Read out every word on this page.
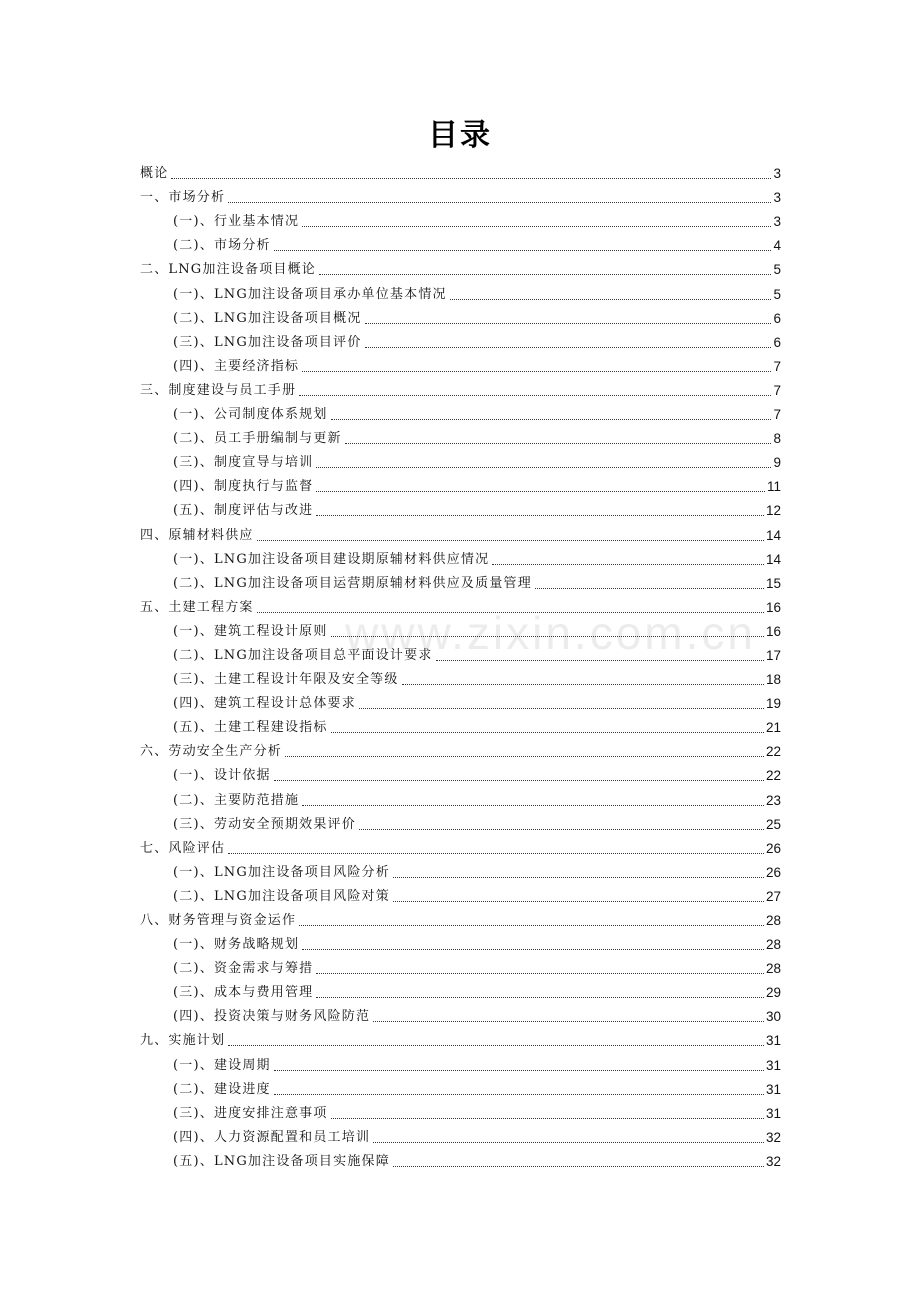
目录
www.zixin.com.cn
概论	3
一、市场分析	3
(一)、行业基本情况	3
(二)、市场分析	4
二、LNG加注设备项目概论	5
(一)、LNG加注设备项目承办单位基本情况	5
(二)、LNG加注设备项目概况	6
(三)、LNG加注设备项目评价	6
(四)、主要经济指标	7
三、制度建设与员工手册	7
(一)、公司制度体系规划	7
(二)、员工手册编制与更新	8
(三)、制度宣导与培训	9
(四)、制度执行与监督	11
(五)、制度评估与改进	12
四、原辅材料供应	14
(一)、LNG加注设备项目建设期原辅材料供应情况	14
(二)、LNG加注设备项目运营期原辅材料供应及质量管理	15
五、土建工程方案	16
(一)、建筑工程设计原则	16
(二)、LNG加注设备项目总平面设计要求	17
(三)、土建工程设计年限及安全等级	18
(四)、建筑工程设计总体要求	19
(五)、土建工程建设指标	21
六、劳动安全生产分析	22
(一)、设计依据	22
(二)、主要防范措施	23
(三)、劳动安全预期效果评价	25
七、风险评估	26
(一)、LNG加注设备项目风险分析	26
(二)、LNG加注设备项目风险对策	27
八、财务管理与资金运作	28
(一)、财务战略规划	28
(二)、资金需求与筹措	28
(三)、成本与费用管理	29
(四)、投资决策与财务风险防范	30
九、实施计划	31
(一)、建设周期	31
(二)、建设进度	31
(三)、进度安排注意事项	31
(四)、人力资源配置和员工培训	32
(五)、LNG加注设备项目实施保障	32
